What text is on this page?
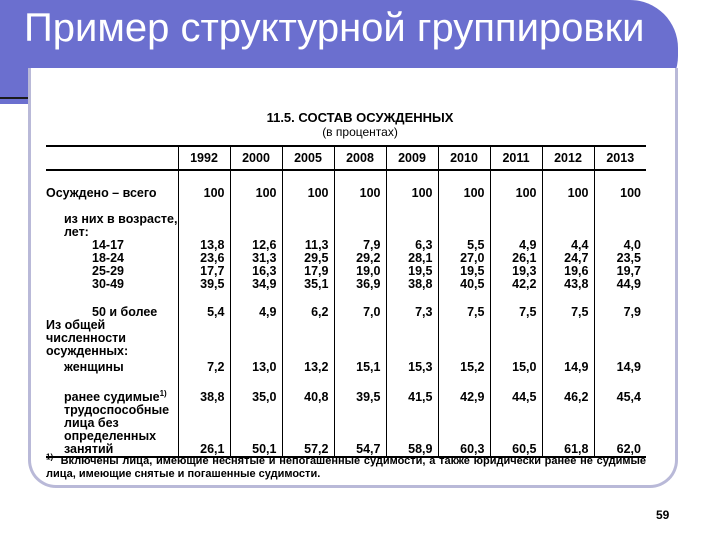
Пример структурной группировки
11.5. СОСТАВ ОСУЖДЕННЫХ
(в процентах)
	1992	2000	2005	2008	2009	2010	2011	2012	2013
Осуждено – всего	100	100	100	100	100	100	100	100	100
из них в возрасте, лет:									
14-17	13,8	12,6	11,3	7,9	6,3	5,5	4,9	4,4	4,0
18-24	23,6	31,3	29,5	29,2	28,1	27,0	26,1	24,7	23,5
25-29	17,7	16,3	17,9	19,0	19,5	19,5	19,3	19,6	19,7
30-49	39,5	34,9	35,1	36,9	38,8	40,5	42,2	43,8	44,9
50 и более	5,4	4,9	6,2	7,0	7,3	7,5	7,5	7,5	7,9
Из общей численности осужденных:									
женщины	7,2	13,0	13,2	15,1	15,3	15,2	15,0	14,9	14,9
ранее судимые$^{1)}$	38,8	35,0	40,8	39,5	41,5	42,9	44,5	46,2	45,4
трудоспособные лица без определенных занятий	26,1	50,1	57,2	54,7	58,9	60,3	60,5	61,8	62,0
$^{1)}$ Включены лица, имеющие неснятые и непогашенные судимости, а также юридически ранее не судимые лица, имеющие снятые и погашенные судимости.
59
